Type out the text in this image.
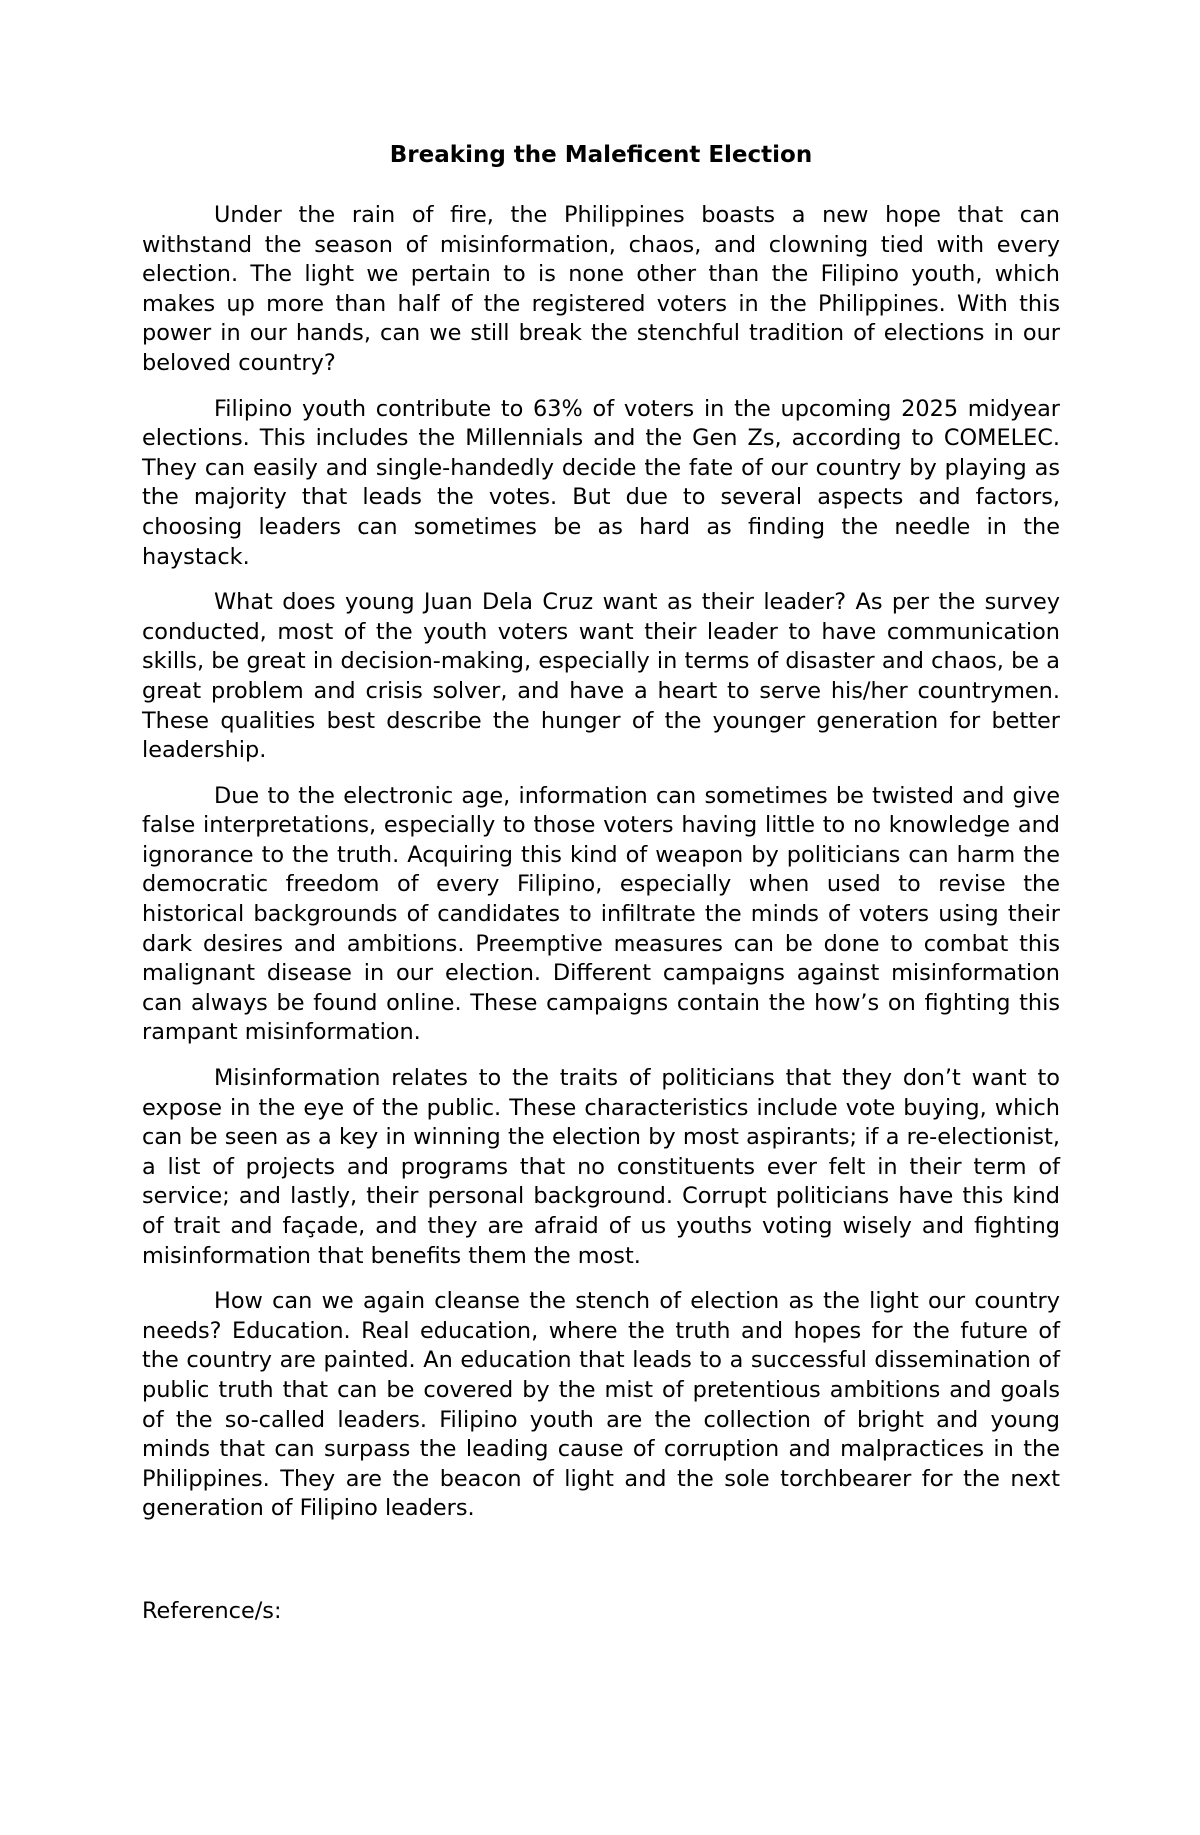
Breaking the Maleficent Election

Under the rain of fire, the Philippines boasts a new hope that can withstand the season of misinformation, chaos, and clowning tied with every election. The light we pertain to is none other than the Filipino youth, which makes up more than half of the registered voters in the Philippines. With this power in our hands, can we still break the stenchful tradition of elections in our beloved country?

Filipino youth contribute to 63% of voters in the upcoming 2025 midyear elections. This includes the Millennials and the Gen Zs, according to COMELEC. They can easily and single-handedly decide the fate of our country by playing as the majority that leads the votes. But due to several aspects and factors, choosing leaders can sometimes be as hard as finding the needle in the haystack.

What does young Juan Dela Cruz want as their leader? As per the survey conducted, most of the youth voters want their leader to have communication skills, be great in decision-making, especially in terms of disaster and chaos, be a great problem and crisis solver, and have a heart to serve his/her countrymen. These qualities best describe the hunger of the younger generation for better leadership.

Due to the electronic age, information can sometimes be twisted and give false interpretations, especially to those voters having little to no knowledge and ignorance to the truth. Acquiring this kind of weapon by politicians can harm the democratic freedom of every Filipino, especially when used to revise the historical backgrounds of candidates to infiltrate the minds of voters using their dark desires and ambitions. Preemptive measures can be done to combat this malignant disease in our election. Different campaigns against misinformation can always be found online. These campaigns contain the how’s on fighting this rampant misinformation.

Misinformation relates to the traits of politicians that they don’t want to expose in the eye of the public. These characteristics include vote buying, which can be seen as a key in winning the election by most aspirants; if a re-electionist, a list of projects and programs that no constituents ever felt in their term of service; and lastly, their personal background. Corrupt politicians have this kind of trait and façade, and they are afraid of us youths voting wisely and fighting misinformation that benefits them the most.

How can we again cleanse the stench of election as the light our country needs? Education. Real education, where the truth and hopes for the future of the country are painted. An education that leads to a successful dissemination of public truth that can be covered by the mist of pretentious ambitions and goals of the so-called leaders. Filipino youth are the collection of bright and young minds that can surpass the leading cause of corruption and malpractices in the Philippines. They are the beacon of light and the sole torchbearer for the next generation of Filipino leaders.

Reference/s:
